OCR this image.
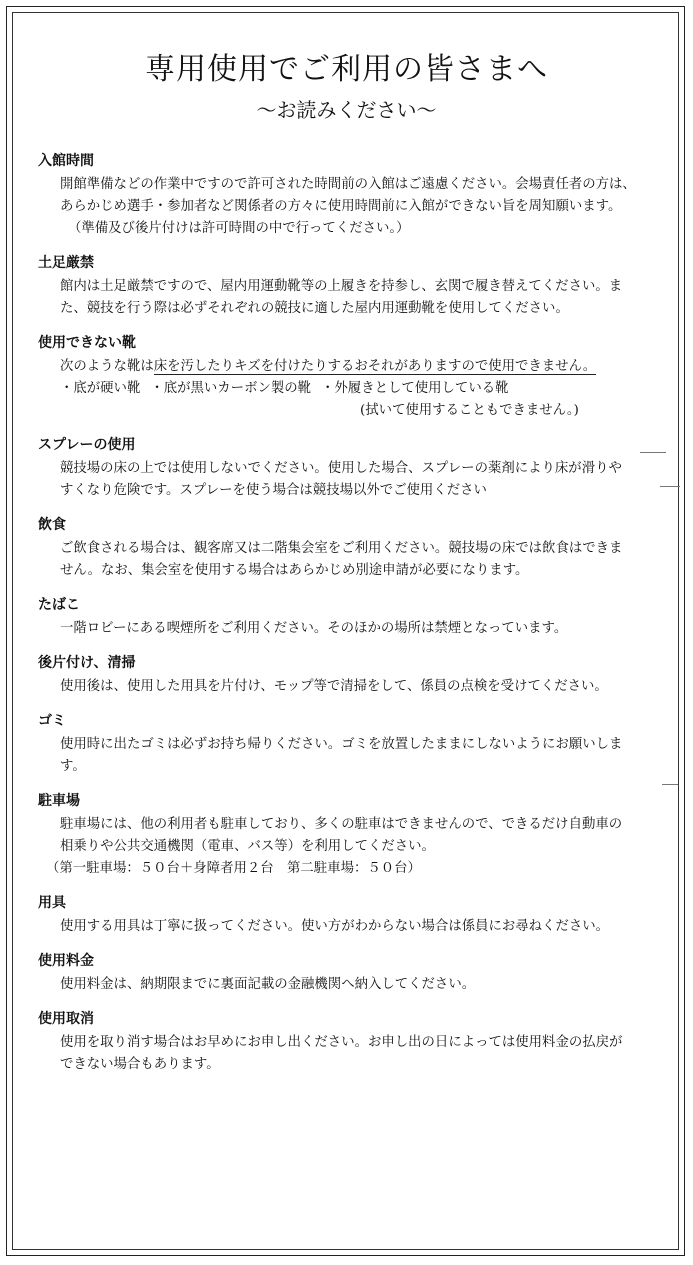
専用使用でご利用の皆さまへ
〜お読みください〜
入館時間
開館準備などの作業中ですので許可された時間前の入館はご遠慮ください。会場責任者の方は、
あらかじめ選手・参加者など関係者の方々に使用時間前に入館ができない旨を周知願います。
（準備及び後片付けは許可時間の中で行ってください。）
土足厳禁
館内は土足厳禁ですので、屋内用運動靴等の上履きを持参し、玄関で履き替えてください。ま
た、競技を行う際は必ずそれぞれの競技に適した屋内用運動靴を使用してください。
使用できない靴
次のような靴は床を汚したりキズを付けたりするおそれがありますので使用できません。
・底が硬い靴 ・底が黒いカーボン製の靴 ・外履きとして使用している靴
(拭いて使用することもできません。)
スプレーの使用
競技場の床の上では使用しないでください。使用した場合、スプレーの薬剤により床が滑りや
すくなり危険です。スプレーを使う場合は競技場以外でご使用ください
飲食
ご飲食される場合は、観客席又は二階集会室をご利用ください。競技場の床では飲食はできま
せん。なお、集会室を使用する場合はあらかじめ別途申請が必要になります。
たばこ
一階ロビーにある喫煙所をご利用ください。そのほかの場所は禁煙となっています。
後片付け、清掃
使用後は、使用した用具を片付け、モップ等で清掃をして、係員の点検を受けてください。
ゴミ
使用時に出たゴミは必ずお持ち帰りください。ゴミを放置したままにしないようにお願いしま
す。
駐車場
駐車場には、他の利用者も駐車しており、多くの駐車はできませんので、できるだけ自動車の
相乗りや公共交通機関（電車、バス等）を利用してください。
（第一駐車場：５０台＋身障者用２台　第二駐車場：５０台）
用具
使用する用具は丁寧に扱ってください。使い方がわからない場合は係員にお尋ねください。
使用料金
使用料金は、納期限までに裏面記載の金融機関へ納入してください。
使用取消
使用を取り消す場合はお早めにお申し出ください。お申し出の日によっては使用料金の払戻が
できない場合もあります。
